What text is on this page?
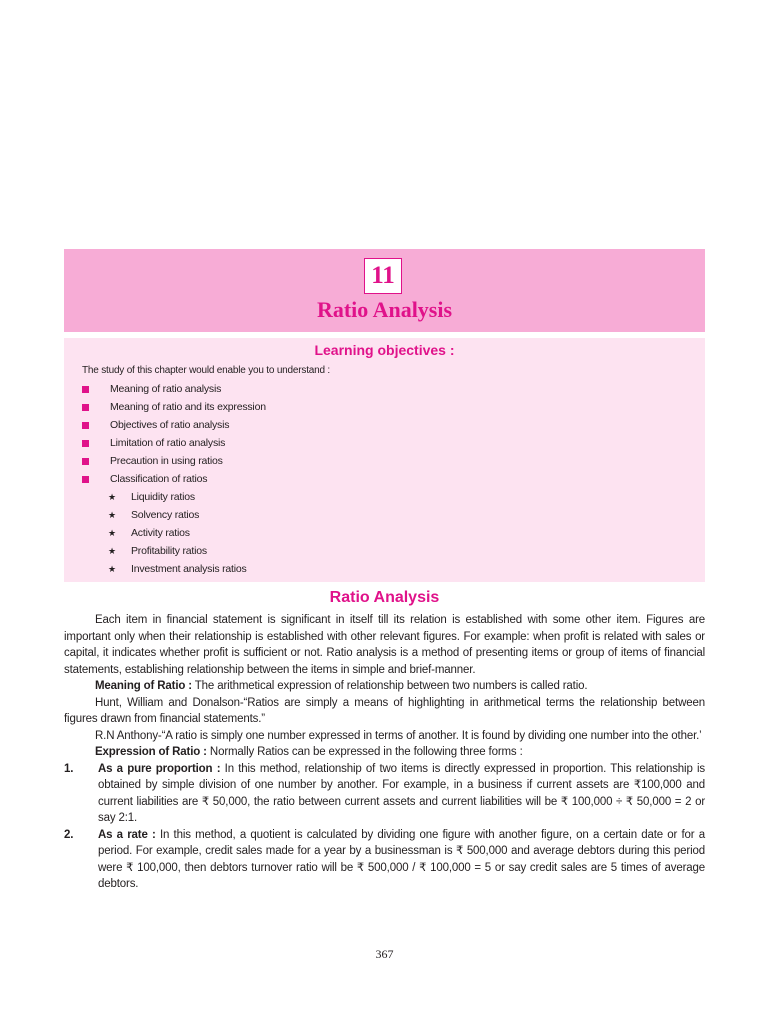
11
Ratio Analysis
Learning objectives :
The study of this chapter would enable you to understand :
Meaning of ratio analysis
Meaning of ratio and its expression
Objectives of ratio analysis
Limitation of ratio analysis
Precaution in using ratios
Classification of ratios
★	Liquidity ratios
★	Solvency ratios
★	Activity ratios
★	Profitability ratios
★	Investment analysis ratios
Ratio Analysis

Each item in financial statement is significant in itself till its relation is established with some other item. Figures are important only when their relationship is established with other relevant figures. For example: when profit is related with sales or capital, it indicates whether profit is sufficient or not. Ratio analysis is a method of presenting items or group of items of financial statements, establishing relationship between the items in simple and brief-manner.

Meaning of Ratio : The arithmetical expression of relationship between two numbers is called ratio.

Hunt, William and Donalson-“Ratios are simply a means of highlighting in arithmetical terms the relationship between figures drawn from financial statements.”

R.N Anthony-“A ratio is simply one number expressed in terms of another. It is found by dividing one number into the other.’

Expression of Ratio : Normally Ratios can be expressed in the following three forms :

1.	As a pure proportion : In this method, relationship of two items is directly expressed in proportion. This relationship is obtained by simple division of one number by another. For example, in a business if current assets are ₹100,000 and current liabilities are ₹ 50,000, the ratio between current assets and current liabilities will be ₹ 100,000 ÷ ₹ 50,000 = 2 or say 2:1.

2.	As a rate : In this method, a quotient is calculated by dividing one figure with another figure, on a certain date or for a period. For example, credit sales made for a year by a businessman is ₹ 500,000 and average debtors during this period were ₹ 100,000, then debtors turnover ratio will be ₹ 500,000 / ₹ 100,000 = 5 or say credit sales are 5 times of average debtors.

367
